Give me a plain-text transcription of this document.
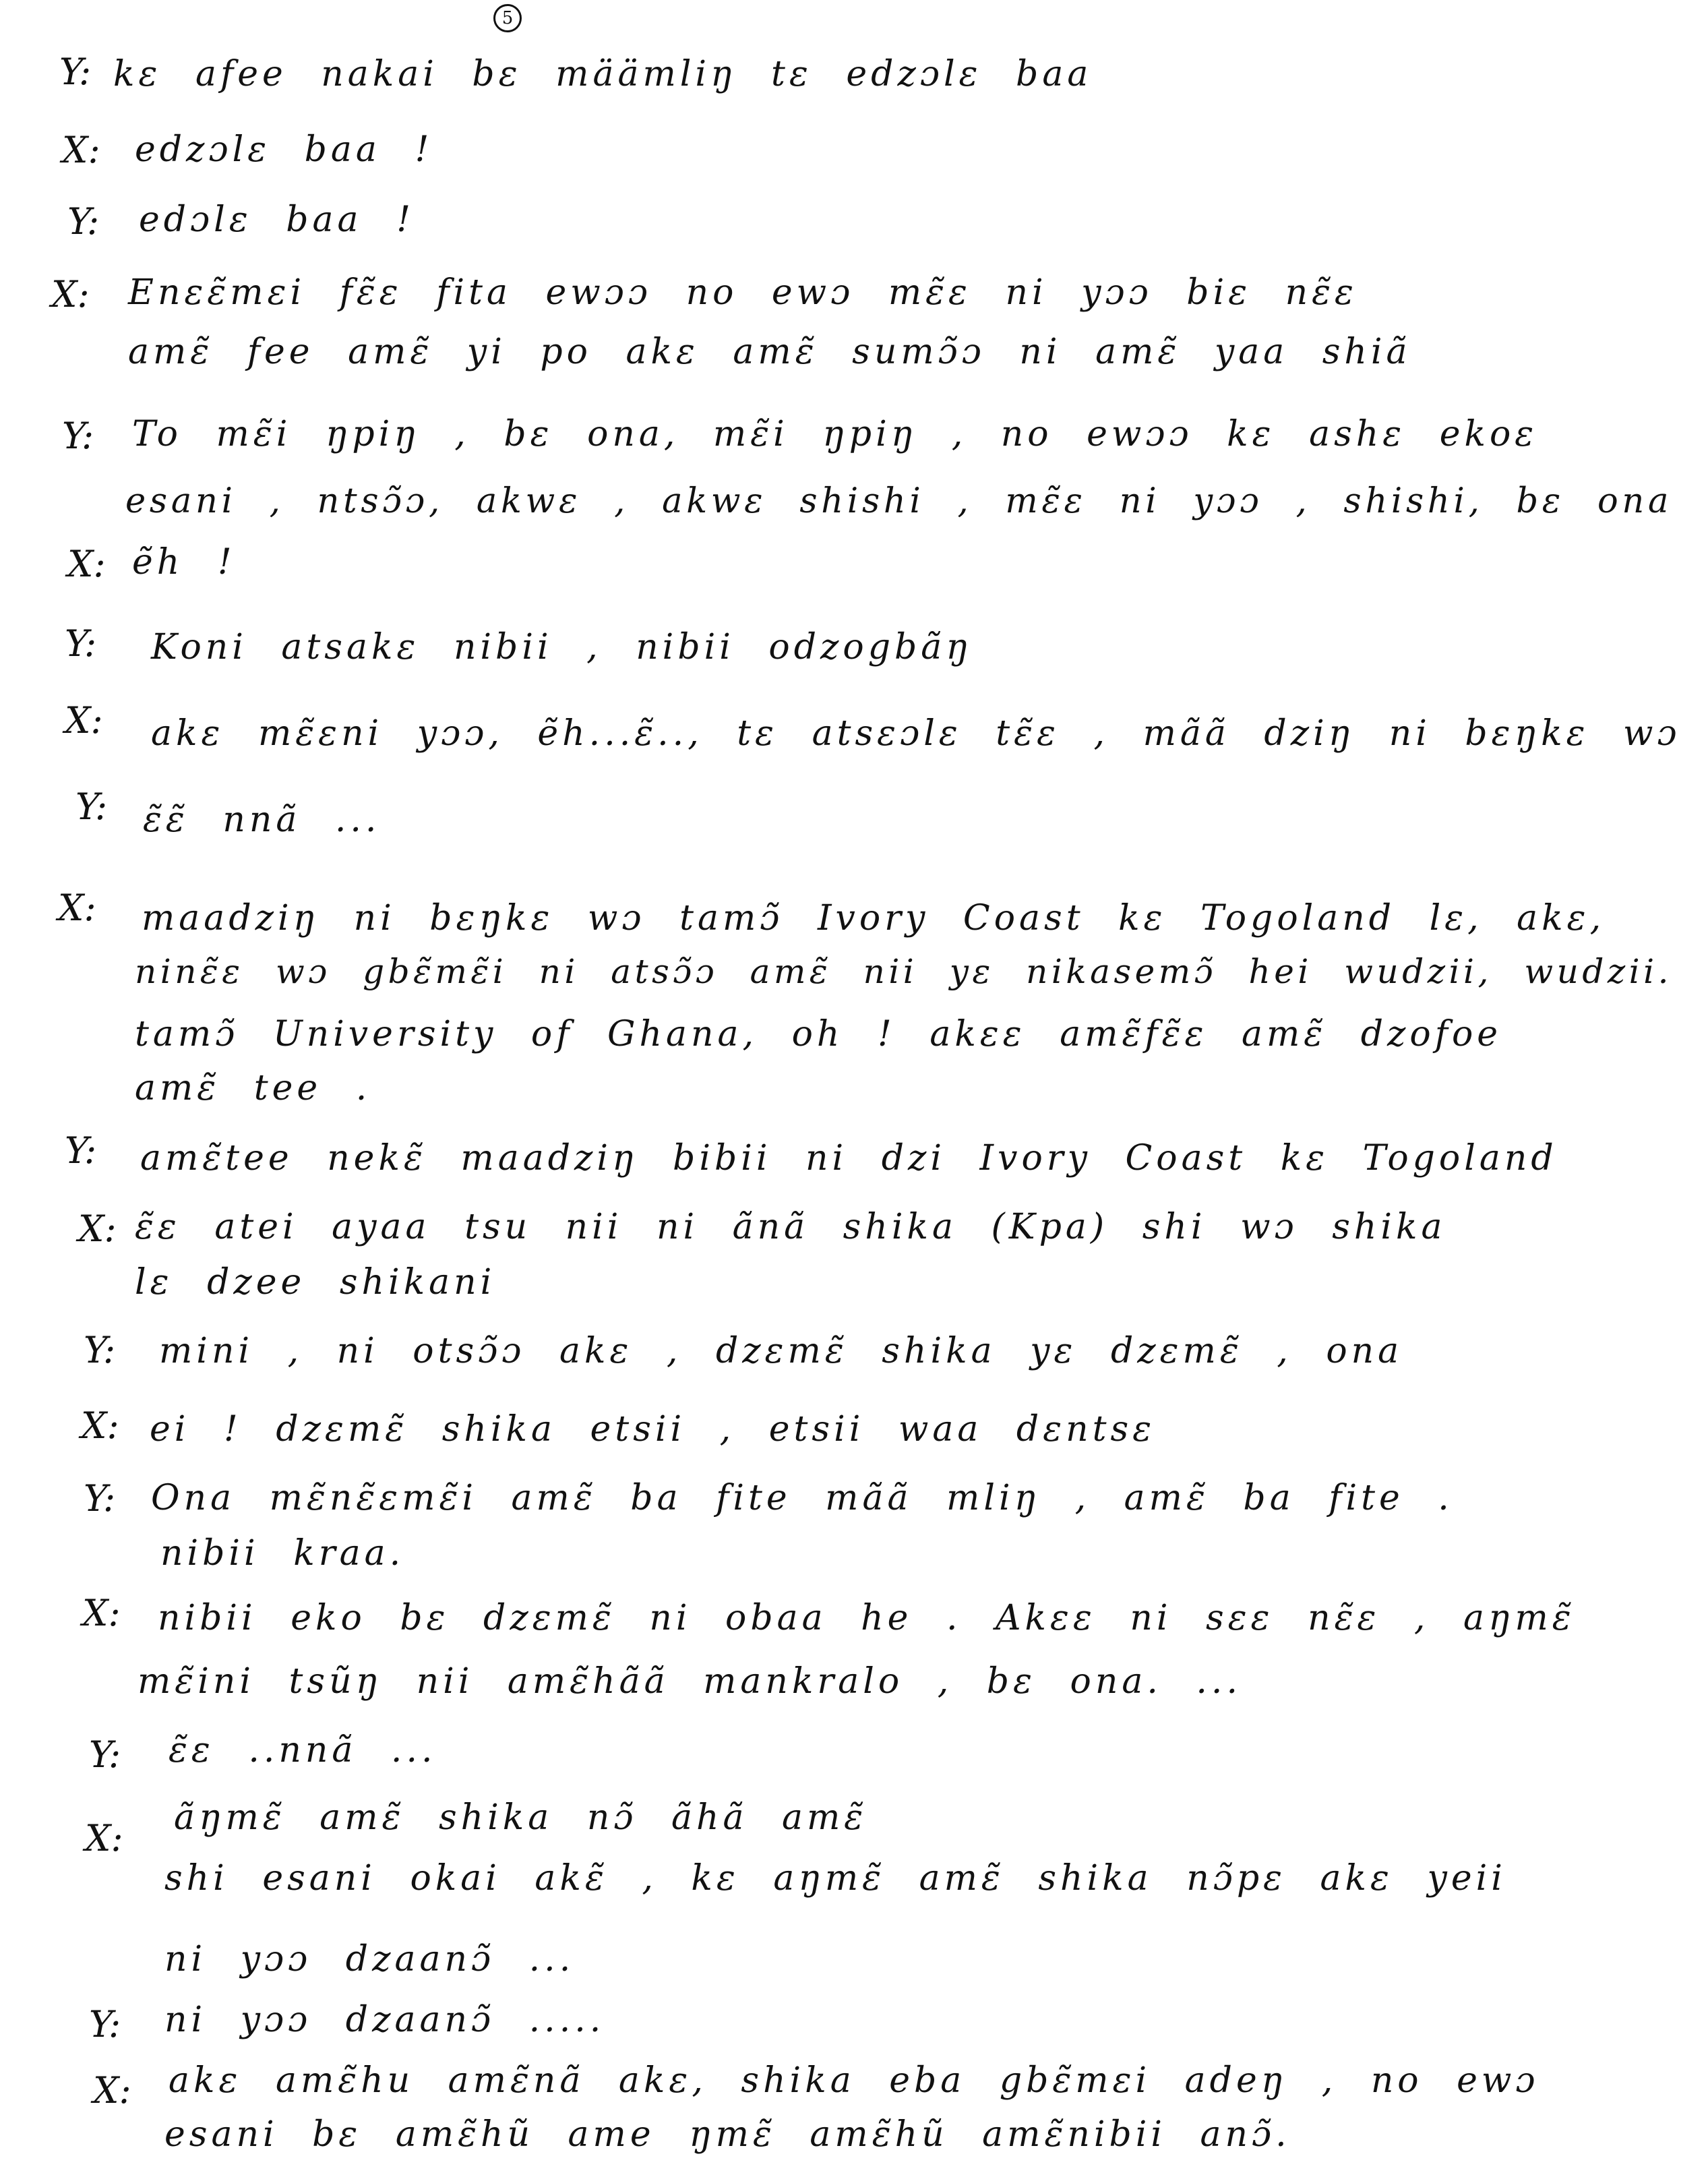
5
Y: kɛ afee nakai bɛ määmliŋ tɛ edzɔlɛ baa
X: edzɔlɛ baa !
Y: edɔlɛ baa !
X: Enɛɛ̃mɛi fɛ̃ɛ fita ewɔɔ no ewɔ mɛ̃ɛ ni yɔɔ biɛ nɛ̃ɛ
amɛ̃ fee amɛ̃ yi po akɛ amɛ̃ sumɔ̃ɔ ni amɛ̃ yaa shiã
Y: To mɛ̃i ŋpiŋ , bɛ ona, mɛ̃i ŋpiŋ , no ewɔɔ kɛ ashɛ ekoɛ
esani , ntsɔ̃ɔ, akwɛ , akwɛ shishi , mɛ̃ɛ ni yɔɔ , shishi, bɛ ona
X: ẽh !
Y: Koni atsakɛ nibii , nibii odzogbãŋ
X: akɛ mɛ̃ɛni yɔɔ, ẽh...ɛ̃.., tɛ atsɛɔlɛ tɛ̃ɛ , mãã dziŋ ni bɛŋkɛ wɔ
Y: ɛ̃ɛ̃ nnã ...
X: maadziŋ ni bɛŋkɛ wɔ tamɔ̃ Ivory Coast kɛ Togoland lɛ, akɛ,
ninɛ̃ɛ wɔ gbɛ̃mɛ̃i ni atsɔ̃ɔ amɛ̃ nii yɛ nikasemɔ̃ hei wudzii, wudzii.
tamɔ̃ University of Ghana, oh ! akɛɛ amɛ̃fɛ̃ɛ amɛ̃ dzofoe
amɛ̃ tee .
Y: amɛ̃tee nekɛ̃ maadziŋ bibii ni dzi Ivory Coast kɛ Togoland
X: ɛ̃ɛ atei ayaa tsu nii ni ãnã shika (Kpa) shi wɔ shika
lɛ dzee shikani
Y: mini , ni otsɔ̃ɔ akɛ , dzɛmɛ̃ shika yɛ dzɛmɛ̃ , ona
X: ei ! dzɛmɛ̃ shika etsii , etsii waa dɛntsɛ
Y: Ona mɛ̃nɛ̃ɛmɛ̃i amɛ̃ ba fite mãã mliŋ , amɛ̃ ba fite .
nibii kraa.
X: nibii eko bɛ dzɛmɛ̃ ni obaa he . Akɛɛ ni sɛɛ nɛ̃ɛ , aŋmɛ̃
mɛ̃ini tsũŋ nii amɛ̃hãã mankralo , bɛ ona. ...
Y: ɛ̃ɛ ..nnã ...
X: ãŋmɛ̃ amɛ̃ shika nɔ̃ ãhã amɛ̃
shi esani okai akɛ̃ , kɛ aŋmɛ̃ amɛ̃ shika nɔ̃pɛ akɛ yeii
ni yɔɔ dzaanɔ̃ ...
Y: ni yɔɔ dzaanɔ̃ .....
X: akɛ amɛ̃hu amɛ̃nã akɛ, shika eba gbɛ̃mɛi adeŋ , no ewɔ
esani bɛ amɛ̃hũ ame ŋmɛ̃ amɛ̃hũ amɛ̃nibii anɔ̃.
